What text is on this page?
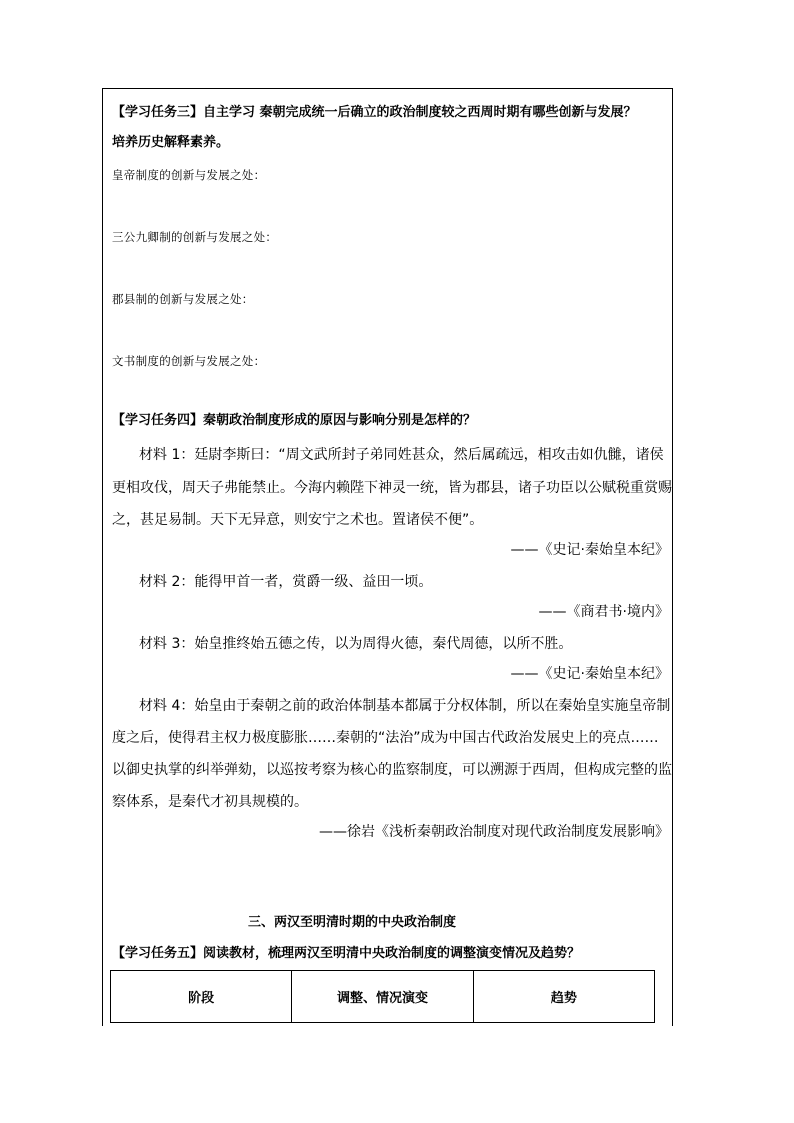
【学习任务三】自主学习 秦朝完成统一后确立的政治制度较之西周时期有哪些创新与发展？
培养历史解释素养。
皇帝制度的创新与发展之处：
三公九卿制的创新与发展之处：
郡县制的创新与发展之处：
文书制度的创新与发展之处：
【学习任务四】秦朝政治制度形成的原因与影响分别是怎样的？
材料 1：廷尉李斯曰：“周文武所封子弟同姓甚众，然后属疏远，相攻击如仇雠，诸侯
更相攻伐，周天子弗能禁止。今海内赖陛下神灵一统，皆为郡县，诸子功臣以公赋税重赏赐
之，甚足易制。天下无异意，则安宁之术也。置诸侯不便”。
——《史记·秦始皇本纪》
材料 2：能得甲首一者，赏爵一级、益田一顷。
——《商君书·境内》
材料 3：始皇推终始五德之传，以为周得火德，秦代周德，以所不胜。
——《史记·秦始皇本纪》
材料 4：始皇由于秦朝之前的政治体制基本都属于分权体制，所以在秦始皇实施皇帝制
度之后，使得君主权力极度膨胀……秦朝的“法治”成为中国古代政治发展史上的亮点……
以御史执掌的纠举弹劾，以巡按考察为核心的监察制度，可以溯源于西周，但构成完整的监
察体系，是秦代才初具规模的。
——徐岩《浅析秦朝政治制度对现代政治制度发展影响》
三、两汉至明清时期的中央政治制度
【学习任务五】阅读教材，梳理两汉至明清中央政治制度的调整演变情况及趋势？
阶段	调整、情况演变	趋势
